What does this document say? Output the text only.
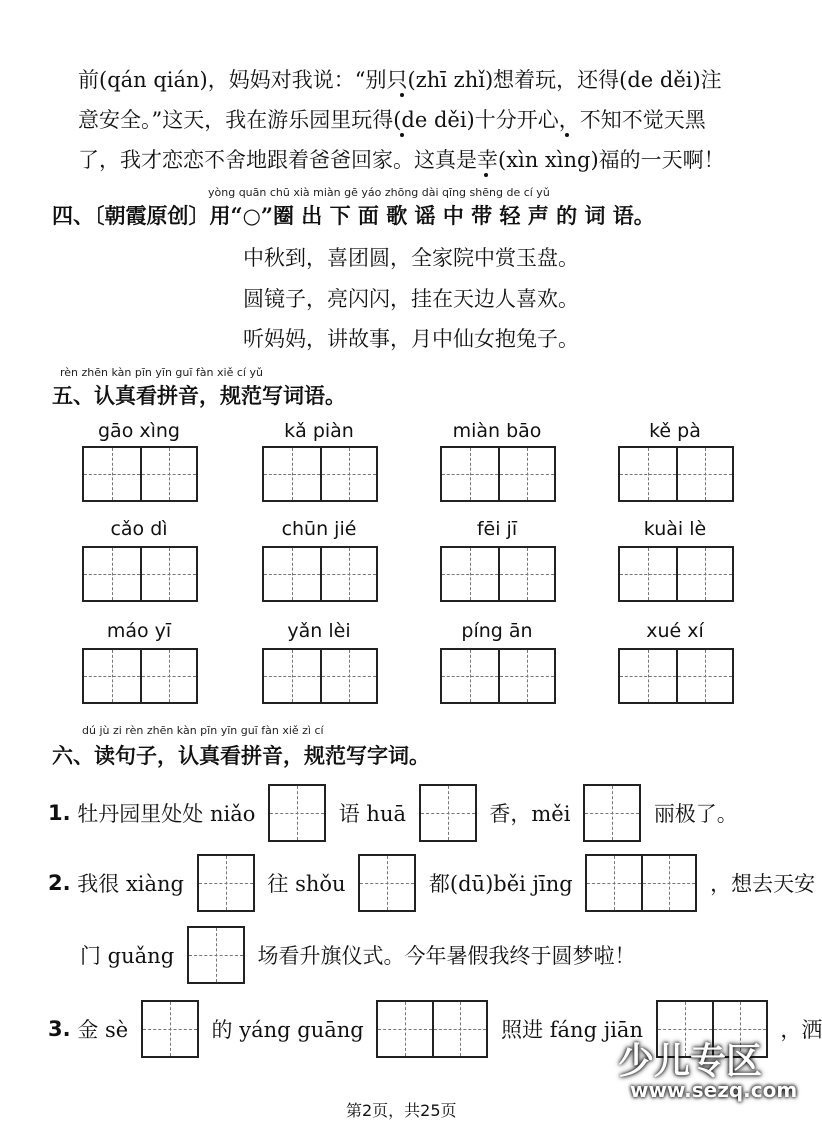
前(qán qián)，妈妈对我说：“别只(zhī zhǐ)想着玩，还得(de děi)注
意安全。”这天，我在游乐园里玩得(de děi)十分开心，不知不觉天黑
了，我才恋恋不舍地跟着爸爸回家。这真是幸(xìn xìng)福的一天啊！
yòng quān chū xià miàn gē yáo zhōng dài qīng shēng de cí yǔ
四、〔朝霞原创〕用“○”圈 出 下 面 歌 谣 中 带 轻 声 的 词 语。
中秋到，喜团圆，全家院中赏玉盘。
圆镜子，亮闪闪，挂在天边人喜欢。
听妈妈，讲故事，月中仙女抱兔子。
rèn zhēn kàn pīn yīn guī fàn xiě cí yǔ
五、认真看拼音，规范写词语。
gāo xìng	kǎ piàn	miàn bāo	kě pà
cǎo dì	chūn jié	fēi jī	kuài lè
máo yī	yǎn lèi	píng ān	xué xí
dú jù zi rèn zhēn kàn pīn yīn guī fàn xiě zì cí
六、读句子，认真看拼音，规范写字词。
1. 牡丹园里处处 niǎo	语 huā	香，měi	丽极了。
2. 我很 xiàng	往 shǒu	都(dū)běi jīng	，想去天安
门 guǎng	场看升旗仪式。今年暑假我终于圆梦啦！
3. 金 sè	的 yáng guāng	照进 fáng jiān	，洒
第2页，共25页
少儿专区
www.sezq.com
